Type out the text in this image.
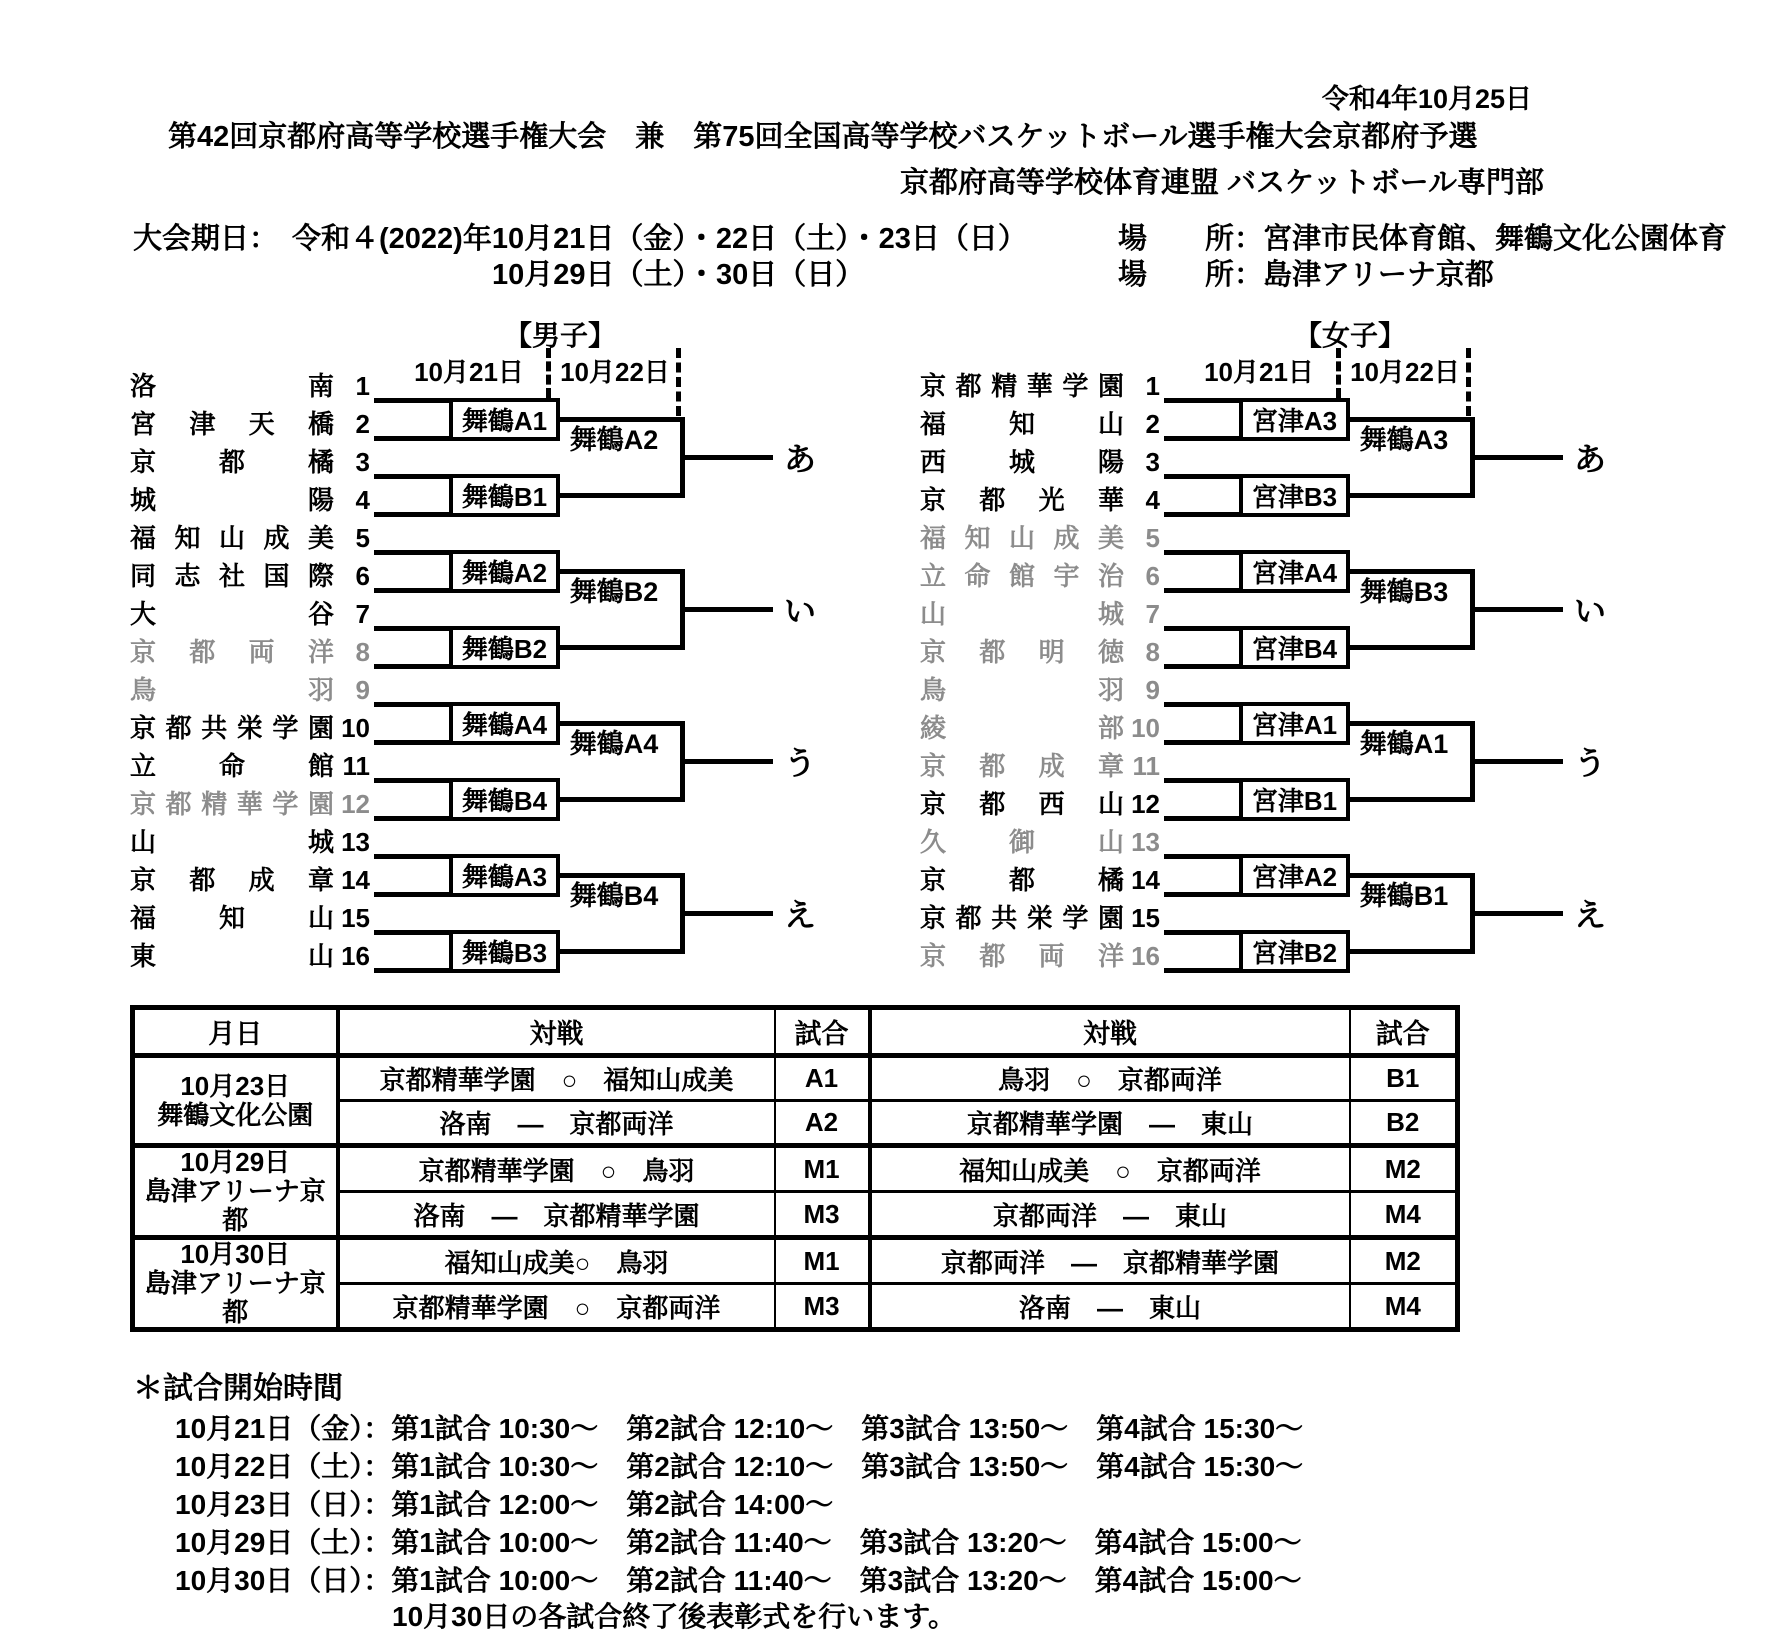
令和4年10月25日
第42回京都府高等学校選手権大会　兼　第75回全国高等学校バスケットボール選手権大会京都府予選
京都府高等学校体育連盟 バスケットボール専門部
大会期日： 令和４(2022)年10月21日（金）・22日（土）・23日（日）
10月29日（土）・30日（日）
場　　所：宮津市民体育館、舞鶴文化公園体育
場　　所：島津アリーナ京都
【男子】
10月21日	10月22日
洛南 1
宮津天橋 2
京都橘 3
城陽 4
福知山成美 5
同志社国際 6
大谷 7
京都両洋 8
鳥羽 9
京都共栄学園 10
立命館 11
京都精華学園 12
山城 13
京都成章 14
福知山 15
東山 16
舞鶴A1
舞鶴B1
舞鶴A2
舞鶴B2
舞鶴A4
舞鶴B4
舞鶴A3
舞鶴B3
舞鶴A2
あ
舞鶴B2
い
舞鶴A4
う
舞鶴B4
え
【女子】
10月21日	10月22日
京都精華学園 1
福知山 2
西城陽 3
京都光華 4
福知山成美 5
立命館宇治 6
山城 7
京都明徳 8
鳥羽 9
綾部 10
京都成章 11
京都西山 12
久御山 13
京都橘 14
京都共栄学園 15
京都両洋 16
宮津A3
宮津B3
宮津A4
宮津B4
宮津A1
宮津B1
宮津A2
宮津B2
舞鶴A3
あ
舞鶴B3
い
舞鶴A1
う
舞鶴B1
え
月日	対戦	試合	対戦	試合

10月23日
舞鶴文化公園	京都精華学園　○　福知山成美	A1	鳥羽　○　京都両洋	B1
	洛南　―　京都両洋	A2	京都精華学園　―　東山	B2

10月29日
島津アリーナ京都	京都精華学園　○　鳥羽	M1	福知山成美　○　京都両洋	M2
	洛南　―　京都精華学園	M3	京都両洋　―　東山	M4

10月30日
島津アリーナ京都	福知山成美○　鳥羽	M1	京都両洋　―　京都精華学園	M2
	京都精華学園　○　京都両洋	M3	洛南　―　東山	M4
＊試合開始時間
10月21日（金）：第1試合 10:30～　第2試合 12:10～　第3試合 13:50～　第4試合 15:30～
10月22日（土）：第1試合 10:30～　第2試合 12:10～　第3試合 13:50～　第4試合 15:30～
10月23日（日）：第1試合 12:00～　第2試合 14:00～
10月29日（土）：第1試合 10:00～　第2試合 11:40～　第3試合 13:20～　第4試合 15:00～
10月30日（日）：第1試合 10:00～　第2試合 11:40～　第3試合 13:20～　第4試合 15:00～
10月30日の各試合終了後表彰式を行います。
